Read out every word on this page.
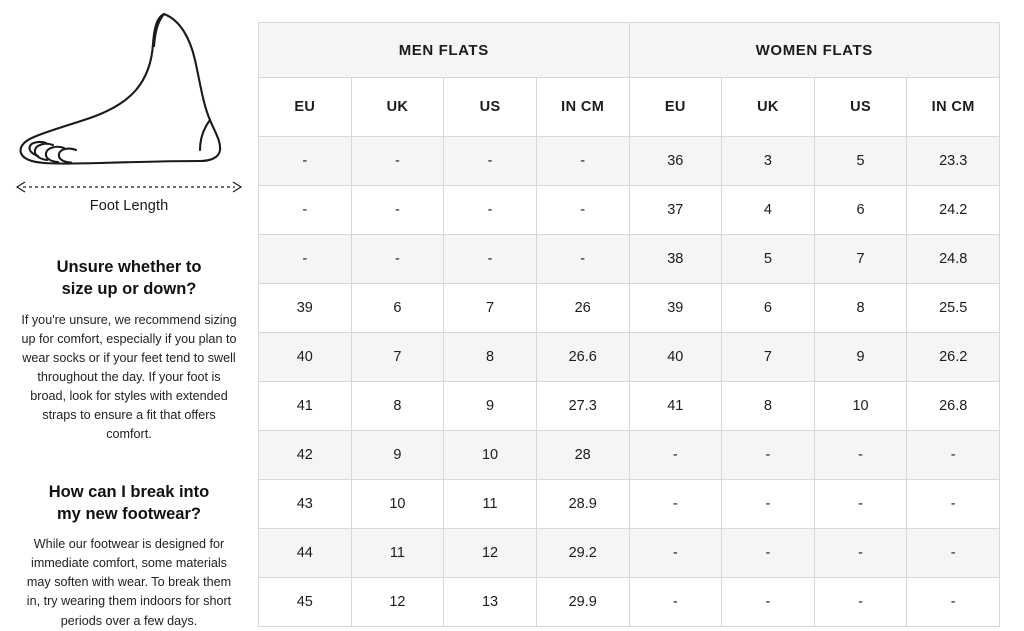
Foot Length
Unsure whether to
size up or down?
If you're unsure, we recommend sizing up for comfort, especially if you plan to wear socks or if your feet tend to swell throughout the day. If your foot is broad, look for styles with extended straps to ensure a fit that offers comfort.
How can I break into
my new footwear?
While our footwear is designed for immediate comfort, some materials may soften with wear. To break them in, try wearing them indoors for short periods over a few days.
MEN FLATS				WOMEN FLATS			
EU	UK	US	IN CM	EU	UK	US	IN CM
-	-	-	-	36	3	5	23.3
-	-	-	-	37	4	6	24.2
-	-	-	-	38	5	7	24.8
39	6	7	26	39	6	8	25.5
40	7	8	26.6	40	7	9	26.2
41	8	9	27.3	41	8	10	26.8
42	9	10	28	-	-	-	-
43	10	11	28.9	-	-	-	-
44	11	12	29.2	-	-	-	-
45	12	13	29.9	-	-	-	-
